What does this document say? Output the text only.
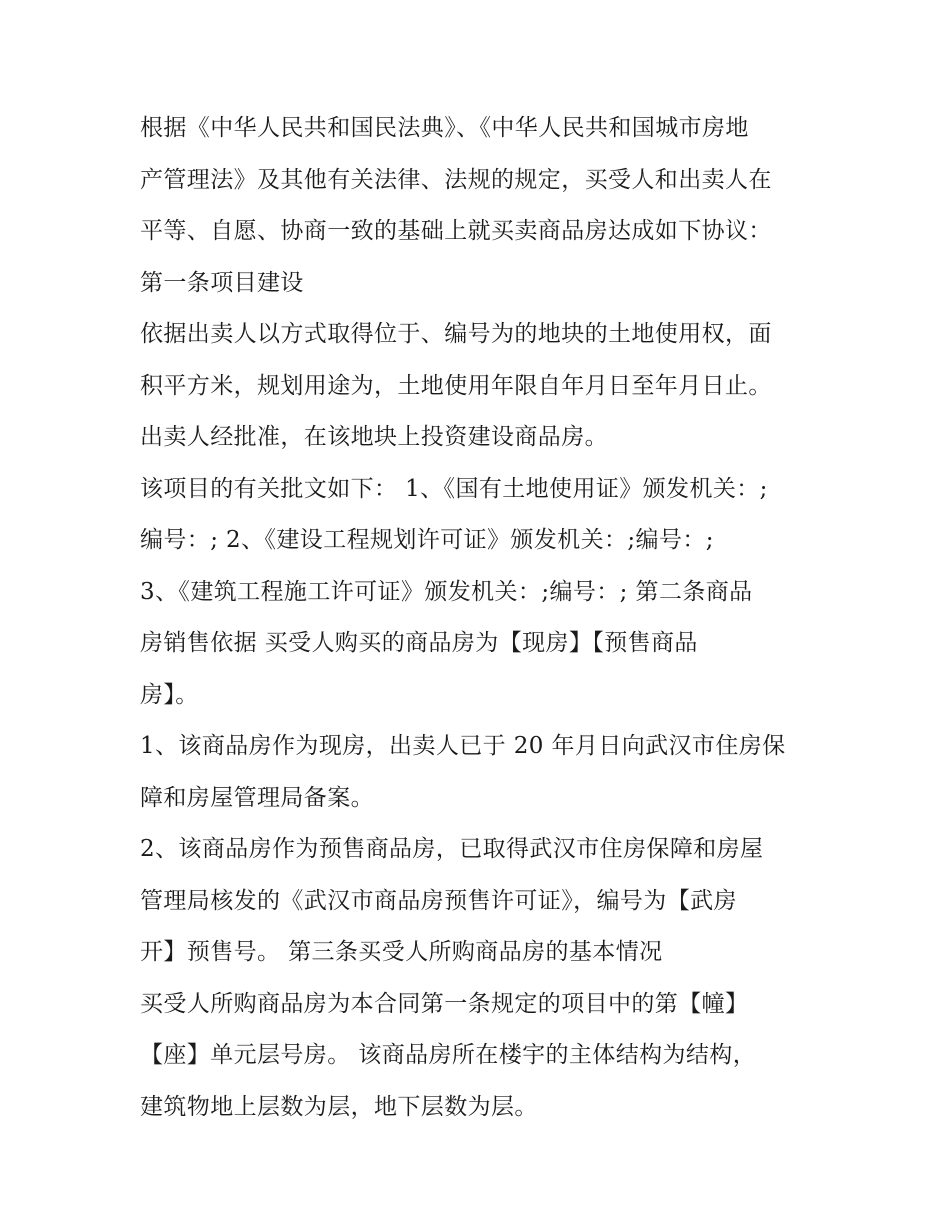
根据《中华人民共和国民法典》、《中华人民共和国城市房地
产管理法》及其他有关法律、法规的规定，买受人和出卖人在
平等、自愿、协商一致的基础上就买卖商品房达成如下协议：
第一条项目建设
依据出卖人以方式取得位于、编号为的地块的土地使用权，面
积平方米，规划用途为，土地使用年限自年月日至年月日止。
出卖人经批准，在该地块上投资建设商品房。
该项目的有关批文如下： 1、《国有土地使用证》颁发机关：;
编号：; 2、《建设工程规划许可证》颁发机关：;编号：;
3、《建筑工程施工许可证》颁发机关：;编号：; 第二条商品
房销售依据 买受人购买的商品房为【现房】【预售商品
房】。
1、该商品房作为现房，出卖人已于 20 年月日向武汉市住房保
障和房屋管理局备案。
2、该商品房作为预售商品房，已取得武汉市住房保障和房屋
管理局核发的《武汉市商品房预售许可证》，编号为【武房
开】预售号。 第三条买受人所购商品房的基本情况
买受人所购商品房为本合同第一条规定的项目中的第【幢】
【座】单元层号房。 该商品房所在楼宇的主体结构为结构，
建筑物地上层数为层，地下层数为层。
